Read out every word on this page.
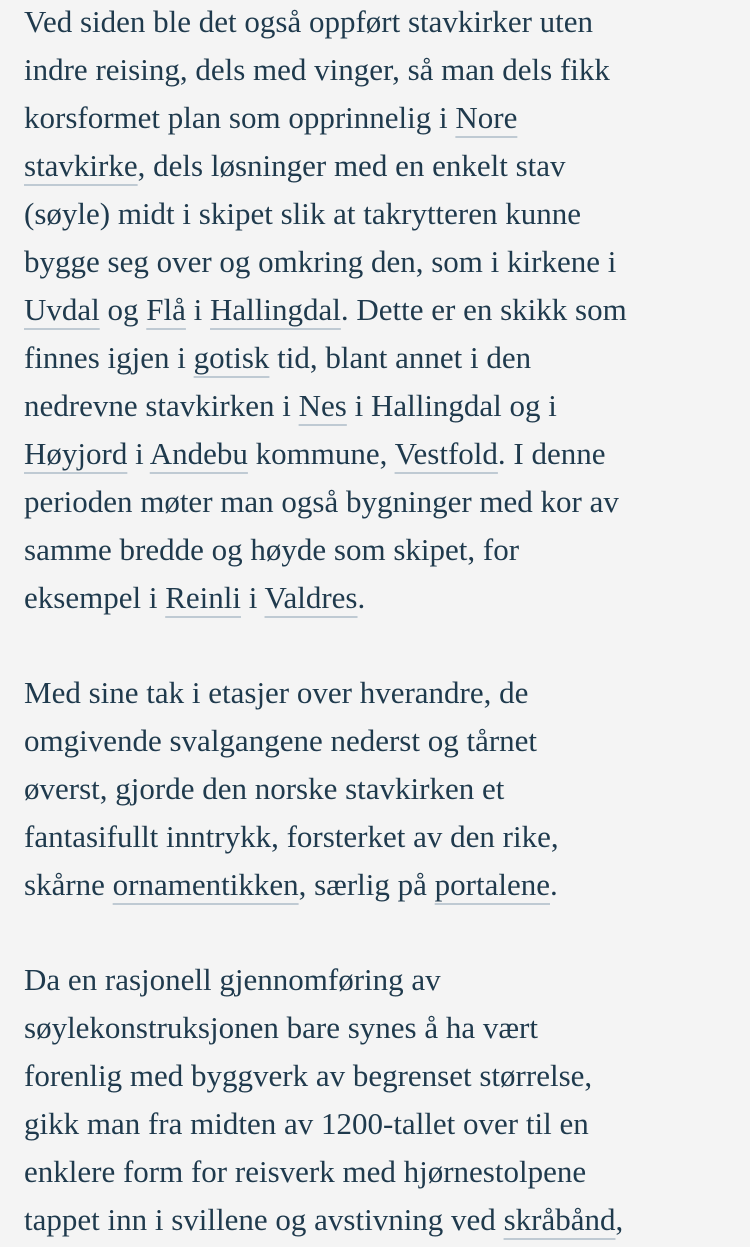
Ved siden ble det også oppført stavkirker uten
indre reising, dels med vinger, så man dels fikk
korsformet plan som opprinnelig i Nore
stavkirke, dels løsninger med en enkelt stav
(søyle) midt i skipet slik at takrytteren kunne
bygge seg over og omkring den, som i kirkene i
Uvdal og Flå i Hallingdal. Dette er en skikk som
finnes igjen i gotisk tid, blant annet i den
nedrevne stavkirken i Nes i Hallingdal og i
Høyjord i Andebu kommune, Vestfold. I denne
perioden møter man også bygninger med kor av
samme bredde og høyde som skipet, for
eksempel i Reinli i Valdres.

Med sine tak i etasjer over hverandre, de
omgivende svalgangene nederst og tårnet
øverst, gjorde den norske stavkirken et
fantasifullt inntrykk, forsterket av den rike,
skårne ornamentikken, særlig på portalene.

Da en rasjonell gjennomføring av
søylekonstruksjonen bare synes å ha vært
forenlig med byggverk av begrenset størrelse,
gikk man fra midten av 1200-tallet over til en
enklere form for reisverk med hjørnestolpene
tappet inn i svillene og avstivning ved skråbånd,
